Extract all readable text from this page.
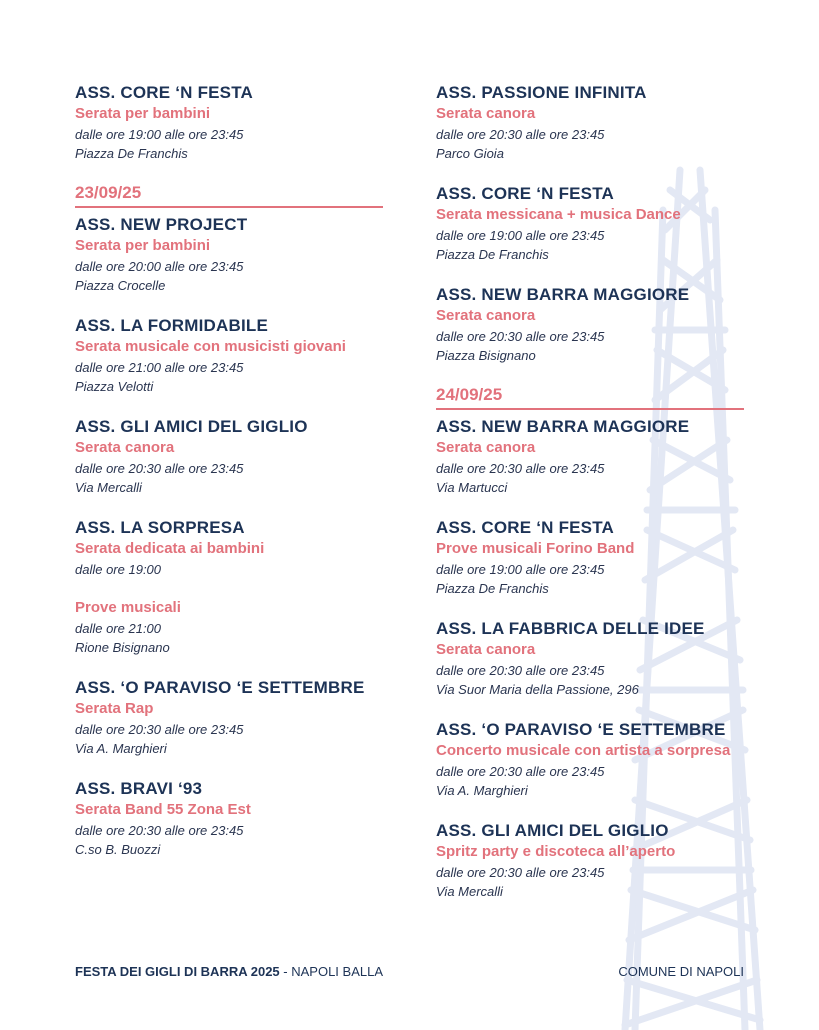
ASS. CORE ‘N FESTA
Serata per bambini
dalle ore 19:00 alle ore 23:45
Piazza De Franchis
23/09/25
ASS. NEW PROJECT
Serata per bambini
dalle ore 20:00 alle ore 23:45
Piazza Crocelle
ASS. LA FORMIDABILE
Serata musicale con musicisti giovani
dalle ore 21:00 alle ore 23:45
Piazza Velotti
ASS. GLI AMICI DEL GIGLIO
Serata canora
dalle ore 20:30 alle ore 23:45
Via Mercalli
ASS. LA SORPRESA
Serata dedicata ai bambini
dalle ore 19:00
Prove musicali
dalle ore 21:00
Rione Bisignano
ASS. ‘O PARAVISO ‘E SETTEMBRE
Serata Rap
dalle ore 20:30 alle ore 23:45
Via A. Marghieri
ASS. BRAVI ‘93
Serata Band 55 Zona Est
dalle ore 20:30 alle ore 23:45
C.so B. Buozzi
ASS. PASSIONE INFINITA
Serata canora
dalle ore 20:30 alle ore 23:45
Parco Gioia
ASS. CORE ‘N FESTA
Serata messicana + musica Dance
dalle ore 19:00 alle ore 23:45
Piazza De Franchis
ASS. NEW BARRA MAGGIORE
Serata canora
dalle ore 20:30 alle ore 23:45
Piazza Bisignano
24/09/25
ASS. NEW BARRA MAGGIORE
Serata canora
dalle ore 20:30 alle ore 23:45
Via Martucci
ASS. CORE ‘N FESTA
Prove musicali Forino Band
dalle ore 19:00 alle ore 23:45
Piazza De Franchis
ASS. LA FABBRICA DELLE IDEE
Serata canora
dalle ore 20:30 alle ore 23:45
Via Suor Maria della Passione, 296
ASS. ‘O PARAVISO ‘E SETTEMBRE
Concerto musicale con artista a sorpresa
dalle ore 20:30 alle ore 23:45
Via A. Marghieri
ASS. GLI AMICI DEL GIGLIO
Spritz party e discoteca all’aperto
dalle ore 20:30 alle ore 23:45
Via Mercalli
FESTA DEI GIGLI DI BARRA 2025 - NAPOLI BALLA	COMUNE DI NAPOLI
